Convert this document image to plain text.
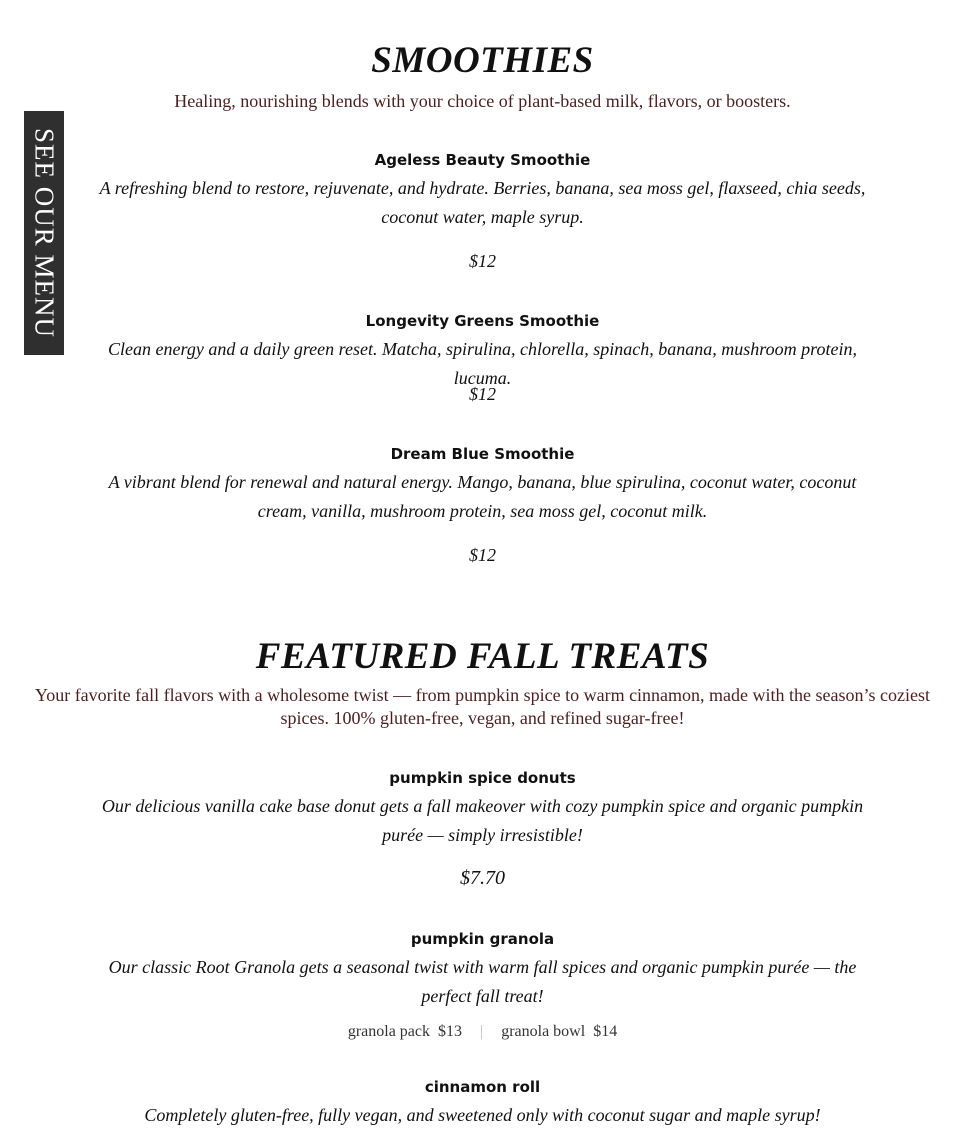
SEE OUR MENU
SMOOTHIES

Healing, nourishing blends with your choice of plant-based milk, flavors, or boosters.

Ageless Beauty Smoothie

A refreshing blend to restore, rejuvenate, and hydrate. Berries, banana, sea moss gel, flaxseed, chia seeds, coconut water, maple syrup.

$12

Longevity Greens Smoothie

Clean energy and a daily green reset. Matcha, spirulina, chlorella, spinach, banana, mushroom protein, lucuma.

$12

Dream Blue Smoothie

A vibrant blend for renewal and natural energy. Mango, banana, blue spirulina, coconut water, coconut cream, vanilla, mushroom protein, sea moss gel, coconut milk.

$12
FEATURED FALL TREATS

Your favorite fall flavors with a wholesome twist — from pumpkin spice to warm cinnamon, made with the season’s coziest spices. 100% gluten-free, vegan, and refined sugar-free!

pumpkin spice donuts

Our delicious vanilla cake base donut gets a fall makeover with cozy pumpkin spice and organic pumpkin purée — simply irresistible!

$7.70

pumpkin granola

Our classic Root Granola gets a seasonal twist with warm fall spices and organic pumpkin purée — the perfect fall treat!

granola pack $13 | granola bowl $14

cinnamon roll

Completely gluten-free, fully vegan, and sweetened only with coconut sugar and maple syrup!
